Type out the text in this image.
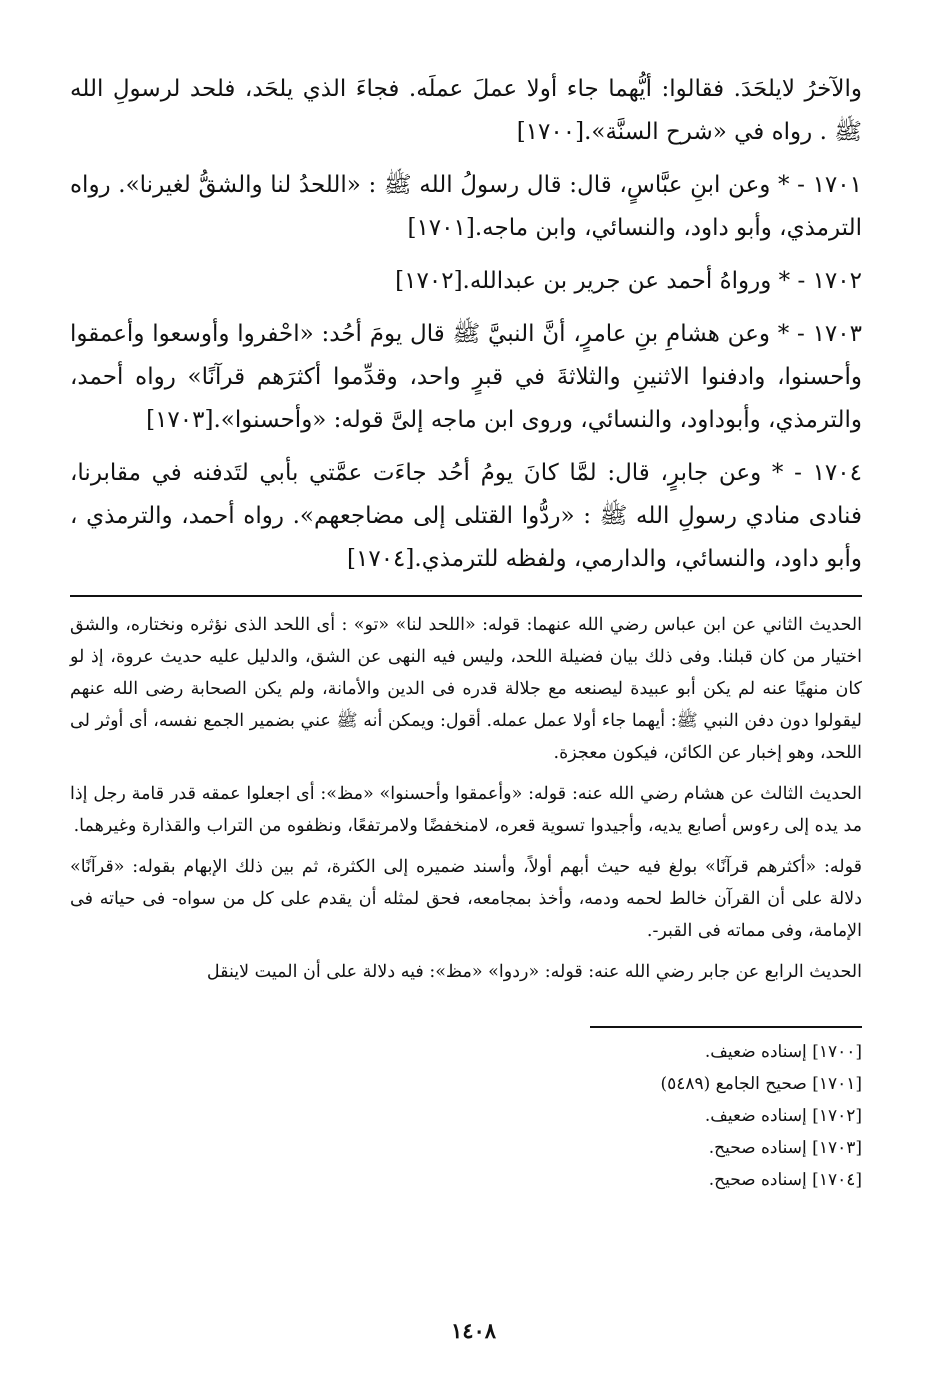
والآخرُ لايلحَدَ. فقالوا: أيُّهما جاء أولا عملَ عملَه. فجاءَ الذي يلحَد، فلحد لرسولِ الله ﷺ . رواه في «شرح السنَّة».[١٧٠٠]

١٧٠١ - * وعن ابنِ عبَّاسٍ، قال: قال رسولُ الله ﷺ : «اللحدُ لنا والشقُّ لغيرنا». رواه الترمذي، وأبو داود، والنسائي، وابن ماجه.[١٧٠١]

١٧٠٢ - * ورواهُ أحمد عن جرير بن عبدالله.[١٧٠٢]

١٧٠٣ - * وعن هشامِ بنِ عامرٍ، أنَّ النبيَّ ﷺ قال يومَ أحُد: «احْفروا وأوسعوا وأعمقوا وأحسنوا، وادفنوا الاثنينِ والثلاثةَ في قبرٍ واحد، وقدِّموا أكثرَهم قرآنًا» رواه أحمد، والترمذي، وأبوداود، والنسائي، وروى ابن ماجه إلىَّ قوله: «وأحسنوا».[١٧٠٣]

١٧٠٤ - * وعن جابرٍ، قال: لمَّا كانَ يومُ أحُد جاءَت عمَّتي بأبي لتَدفنه في مقابرنا، فنادى منادي رسولِ الله ﷺ : «ردُّوا القتلى إلى مضاجعهم». رواه أحمد، والترمذي ، وأبو داود، والنسائي، والدارمي، ولفظه للترمذي.[١٧٠٤]

الحديث الثاني عن ابن عباس رضي الله عنهما: قوله: «اللحد لنا» «تو» : أى اللحد الذى نؤثره ونختاره، والشق اختيار من كان قبلنا. وفى ذلك بيان فضيلة اللحد، وليس فيه النهى عن الشق، والدليل عليه حديث عروة، إذ لو كان منهيًا عنه لم يكن أبو عبيدة ليصنعه مع جلالة قدره فى الدين والأمانة، ولم يكن الصحابة رضى الله عنهم ليقولوا دون دفن النبي ﷺ: أيهما جاء أولا عمل عمله. أقول: ويمكن أنه ﷺ عني بضمير الجمع نفسه، أى أوثر لى اللحد، وهو إخبار عن الكائن، فيكون معجزة.

الحديث الثالث عن هشام رضي الله عنه: قوله: «وأعمقوا وأحسنوا» «مظ»: أى اجعلوا عمقه قدر قامة رجل إذا مد يده إلى رءوس أصابع يديه، وأجيدوا تسوية قعره، لامنخفضًا ولامرتفعًا، ونظفوه من التراب والقذارة وغيرهما.

قوله: «أكثرهم قرآنًا» بولغ فيه حيث أبهم أولاً، وأسند ضميره إلى الكثرة، ثم بين ذلك الإبهام بقوله: «قرآنًا» دلالة على أن القرآن خالط لحمه ودمه، وأخذ بمجامعه، فحق لمثله أن يقدم على كل من سواه- فى حياته فى الإمامة، وفى مماته فى القبر-.

الحديث الرابع عن جابر رضي الله عنه: قوله: «ردوا» «مظ»: فيه دلالة على أن الميت لاينقل

[١٧٠٠] إسناده ضعيف.
[١٧٠١] صحيح الجامع (٥٤٨٩)
[١٧٠٢] إسناده ضعيف.
[١٧٠٣] إسناده صحيح.
[١٧٠٤] إسناده صحيح.
١٤٠٨
